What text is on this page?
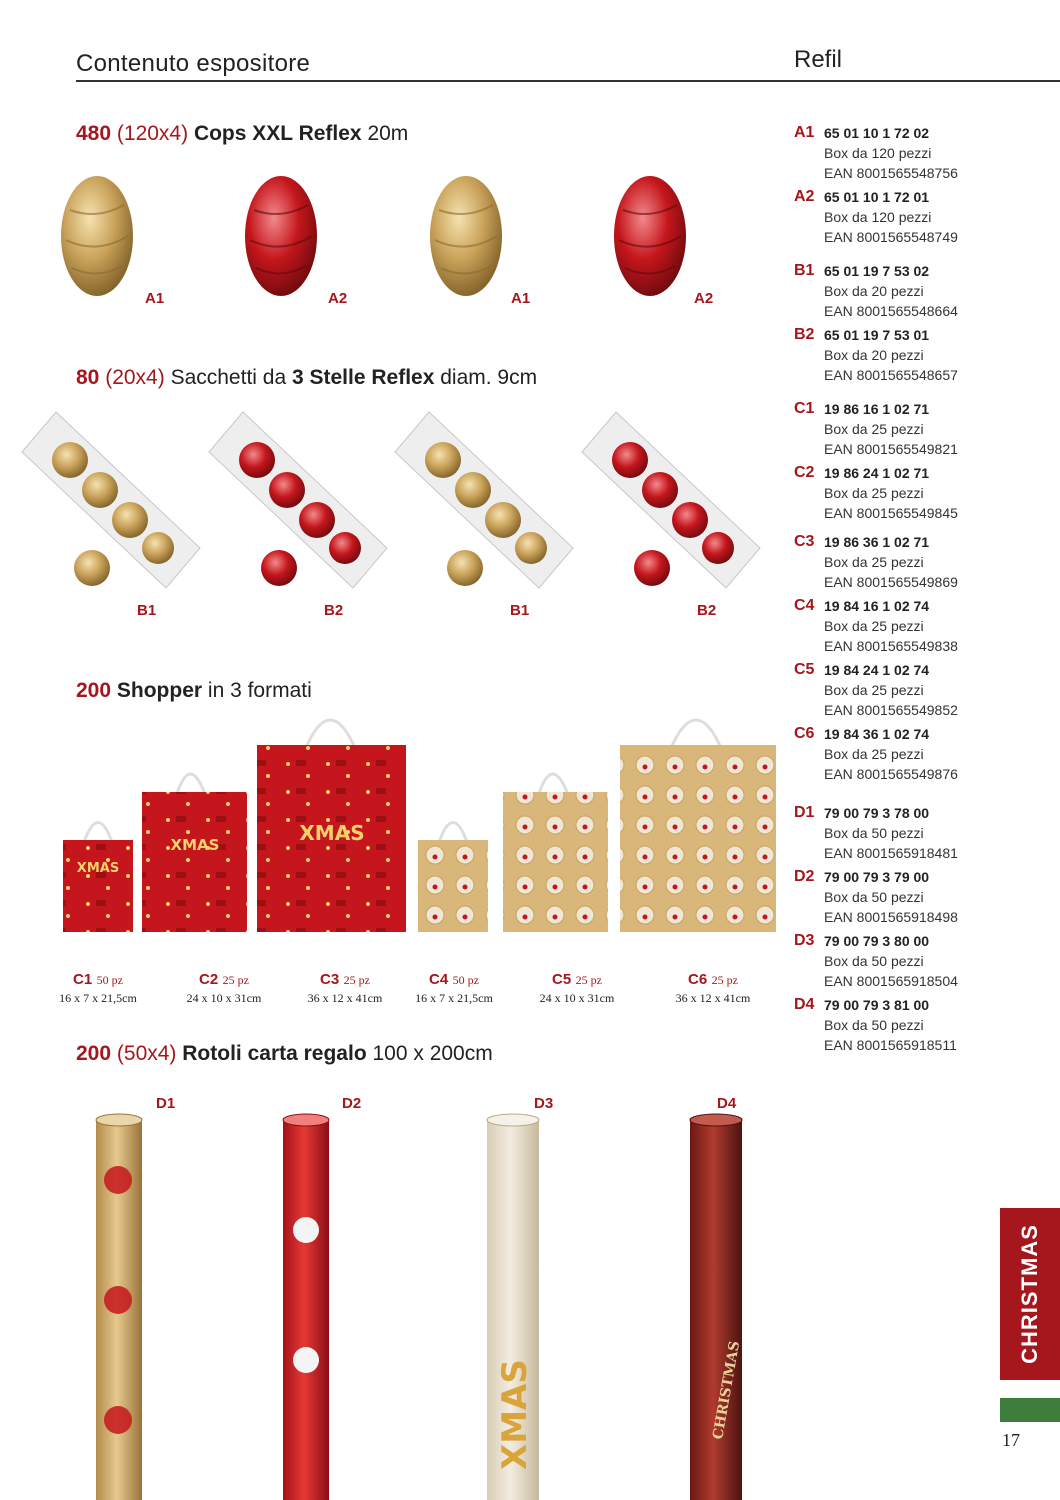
Contenuto espositore	Refil
480 (120x4) Cops XXL Reflex 20m
80 (20x4) Sacchetti da 3 Stelle Reflex diam. 9cm
200 Shopper in 3 formati
200 (50x4) Rotoli carta regalo 100 x 200cm
XMAS
XMAS	XMAS
XMAS	CHRISTMAS
A1	A2	A1	A2
B1	B2	B1	B2
C1 50 pz
16 x 7 x 21,5cm
C2 25 pz
24 x 10 x 31cm
C3 25 pz
36 x 12 x 41cm
C4 50 pz
16 x 7 x 21,5cm
C5 25 pz
24 x 10 x 31cm
C6 25 pz
36 x 12 x 41cm
D1	D2	D3	D4
A1 65 01 10 1 72 02
Box da 120 pezzi
EAN 8001565548756
A2 65 01 10 1 72 01
Box da 120 pezzi
EAN 8001565548749
B1 65 01 19 7 53 02
Box da 20 pezzi
EAN 8001565548664
B2 65 01 19 7 53 01
Box da 20 pezzi
EAN 8001565548657
C1 19 86 16 1 02 71
Box da 25 pezzi
EAN 8001565549821
C2 19 86 24 1 02 71
Box da 25 pezzi
EAN 8001565549845
C3 19 86 36 1 02 71
Box da 25 pezzi
EAN 8001565549869
C4 19 84 16 1 02 74
Box da 25 pezzi
EAN 8001565549838
C5 19 84 24 1 02 74
Box da 25 pezzi
EAN 8001565549852
C6 19 84 36 1 02 74
Box da 25 pezzi
EAN 8001565549876
D1 79 00 79 3 78 00
Box da 50 pezzi
EAN 8001565918481
D2 79 00 79 3 79 00
Box da 50 pezzi
EAN 8001565918498
D3 79 00 79 3 80 00
Box da 50 pezzi
EAN 8001565918504
D4 79 00 79 3 81 00
Box da 50 pezzi
EAN 8001565918511
CHRISTMAS
17
